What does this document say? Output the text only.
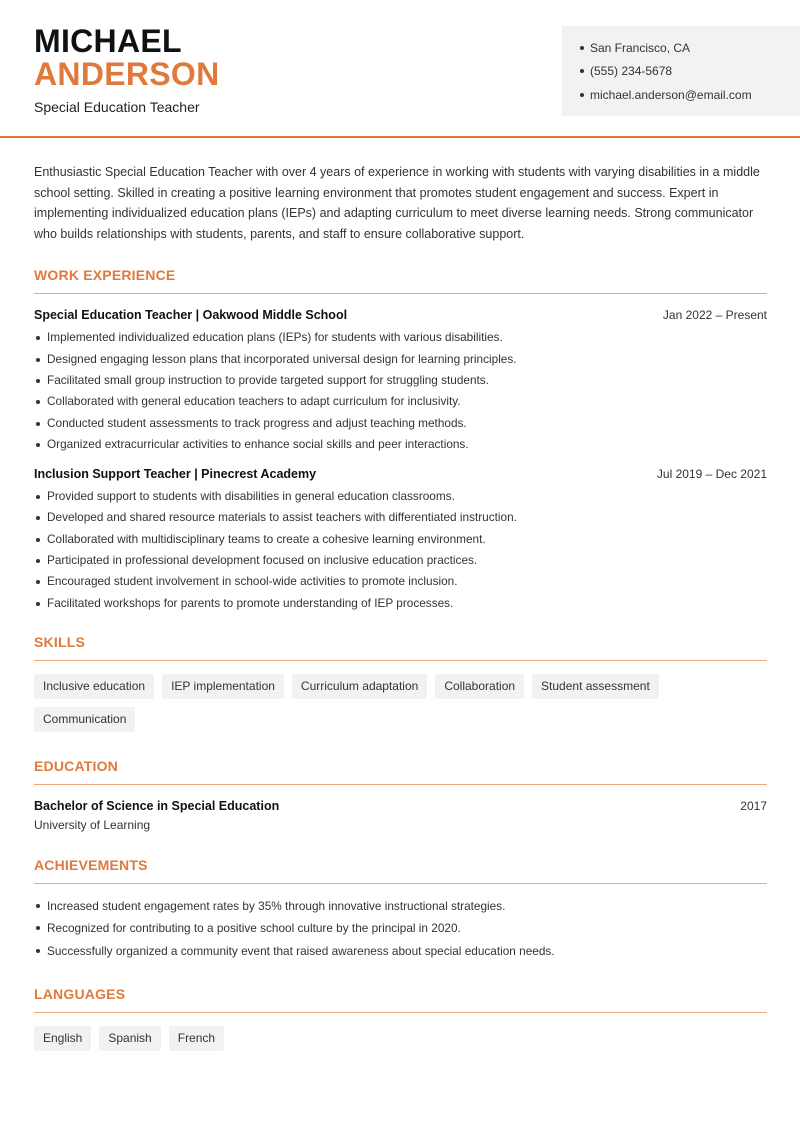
MICHAEL
ANDERSON
Special Education Teacher
San Francisco, CA
(555) 234-5678
michael.anderson@email.com

Enthusiastic Special Education Teacher with over 4 years of experience in working with students with varying disabilities in a middle school setting. Skilled in creating a positive learning environment that promotes student engagement and success. Expert in implementing individualized education plans (IEPs) and adapting curriculum to meet diverse learning needs. Strong communicator who builds relationships with students, parents, and staff to ensure collaborative support.

WORK EXPERIENCE
Special Education Teacher | Oakwood Middle School	Jan 2022 – Present
Implemented individualized education plans (IEPs) for students with various disabilities.
Designed engaging lesson plans that incorporated universal design for learning principles.
Facilitated small group instruction to provide targeted support for struggling students.
Collaborated with general education teachers to adapt curriculum for inclusivity.
Conducted student assessments to track progress and adjust teaching methods.
Organized extracurricular activities to enhance social skills and peer interactions.
Inclusion Support Teacher | Pinecrest Academy	Jul 2019 – Dec 2021
Provided support to students with disabilities in general education classrooms.
Developed and shared resource materials to assist teachers with differentiated instruction.
Collaborated with multidisciplinary teams to create a cohesive learning environment.
Participated in professional development focused on inclusive education practices.
Encouraged student involvement in school-wide activities to promote inclusion.
Facilitated workshops for parents to promote understanding of IEP processes.
SKILLS
Inclusive education	IEP implementation	Curriculum adaptation	Collaboration	Student assessment
Communication
EDUCATION
Bachelor of Science in Special Education	2017
University of Learning
ACHIEVEMENTS
Increased student engagement rates by 35% through innovative instructional strategies.
Recognized for contributing to a positive school culture by the principal in 2020.
Successfully organized a community event that raised awareness about special education needs.
LANGUAGES
English	Spanish	French
